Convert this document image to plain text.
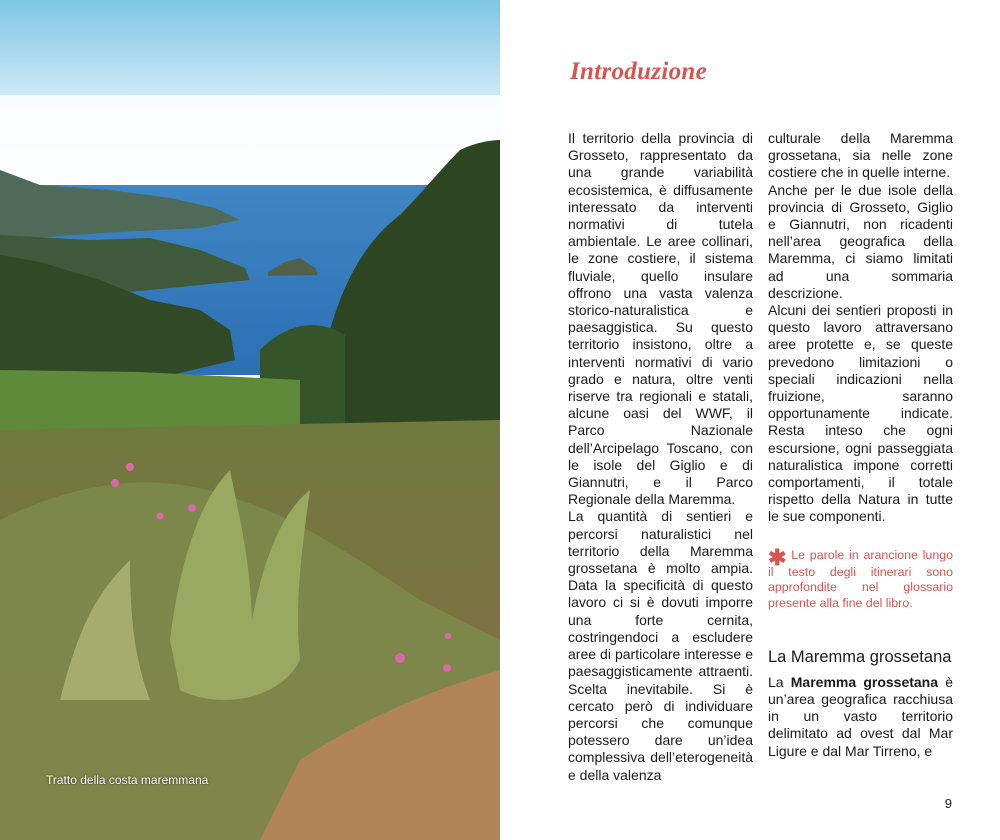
Tratto della costa maremmana
Introduzione

Il territorio della provincia di Grosseto, rappresentato da una grande variabilità ecosistemica, è diffusamente interessato da interventi normativi di tutela ambientale. Le aree collinari, le zone costiere, il sistema fluviale, quello insulare offrono una vasta valenza storico-naturalistica e paesaggistica. Su questo territorio insistono, oltre a interventi normativi di vario grado e natura, oltre venti riserve tra regionali e statali, alcune oasi del WWF, il Parco Nazionale dell’Arcipelago Toscano, con le isole del Giglio e di Giannutri, e il Parco Regionale della Maremma.

La quantità di sentieri e percorsi naturalistici nel territorio della Maremma grossetana è molto ampia. Data la specificità di questo lavoro ci si è dovuti imporre una forte cernita, costringendoci a escludere aree di particolare interesse e paesaggisticamente attraenti. Scelta inevitabile. Si è cercato però di individuare percorsi che comunque potessero dare un’idea complessiva dell’eterogeneità e della valenza

culturale della Maremma grossetana, sia nelle zone costiere che in quelle interne.

Anche per le due isole della provincia di Grosseto, Giglio e Giannutri, non ricadenti nell’area geografica della Maremma, ci siamo limitati ad una sommaria descrizione.

Alcuni dei sentieri proposti in questo lavoro attraversano aree protette e, se queste prevedono limitazioni o speciali indicazioni nella fruizione, saranno opportunamente indicate. Resta inteso che ogni escursione, ogni passeggiata naturalistica impone corretti comportamenti, il totale rispetto della Natura in tutte le sue componenti.

✱ Le parole in arancione lungo il testo degli itinerari sono approfondite nel glossario presente alla fine del libro.

La Maremma grossetana

La Maremma grossetana è un’area geografica racchiusa in un vasto territorio delimitato ad ovest dal Mar Ligure e dal Mar Tirreno, e

9
